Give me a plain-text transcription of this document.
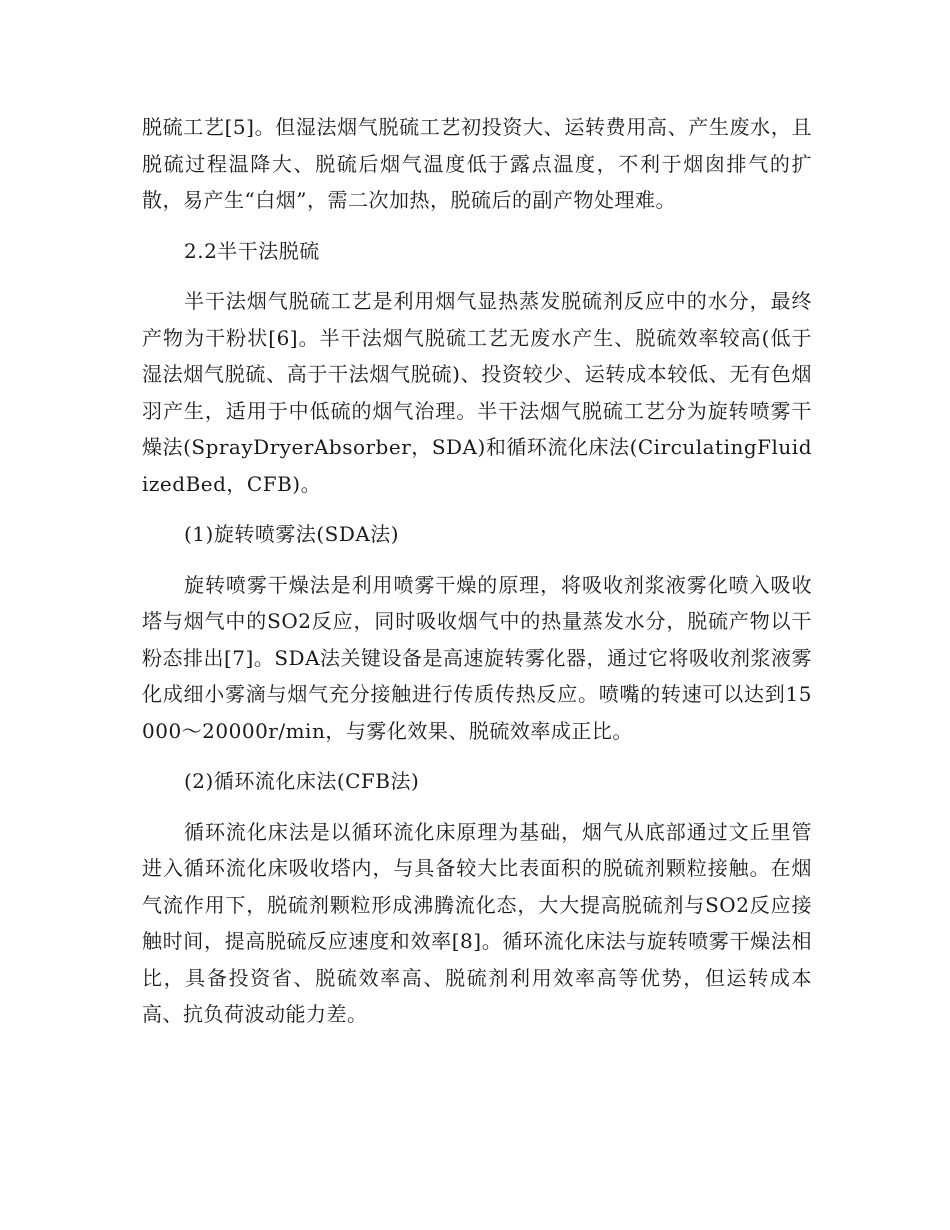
脱硫工艺[5]。但湿法烟气脱硫工艺初投资大、运转费用高、产生废水，且脱硫过程温降大、脱硫后烟气温度低于露点温度，不利于烟囱排气的扩散，易产生“白烟”，需二次加热，脱硫后的副产物处理难。

2.2半干法脱硫

半干法烟气脱硫工艺是利用烟气显热蒸发脱硫剂反应中的水分，最终产物为干粉状[6]。半干法烟气脱硫工艺无废水产生、脱硫效率较高(低于湿法烟气脱硫、高于干法烟气脱硫)、投资较少、运转成本较低、无有色烟羽产生，适用于中低硫的烟气治理。半干法烟气脱硫工艺分为旋转喷雾干燥法(SprayDryerAbsorber，SDA)和循环流化床法(CirculatingFluidizedBed，CFB)。

(1)旋转喷雾法(SDA法)

旋转喷雾干燥法是利用喷雾干燥的原理，将吸收剂浆液雾化喷入吸收塔与烟气中的SO2反应，同时吸收烟气中的热量蒸发水分，脱硫产物以干粉态排出[7]。SDA法关键设备是高速旋转雾化器，通过它将吸收剂浆液雾化成细小雾滴与烟气充分接触进行传质传热反应。喷嘴的转速可以达到15000～20000r/min，与雾化效果、脱硫效率成正比。

(2)循环流化床法(CFB法)

循环流化床法是以循环流化床原理为基础，烟气从底部通过文丘里管进入循环流化床吸收塔内，与具备较大比表面积的脱硫剂颗粒接触。在烟气流作用下，脱硫剂颗粒形成沸腾流化态，大大提高脱硫剂与SO2反应接触时间，提高脱硫反应速度和效率[8]。循环流化床法与旋转喷雾干燥法相比，具备投资省、脱硫效率高、脱硫剂利用效率高等优势，但运转成本高、抗负荷波动能力差。
